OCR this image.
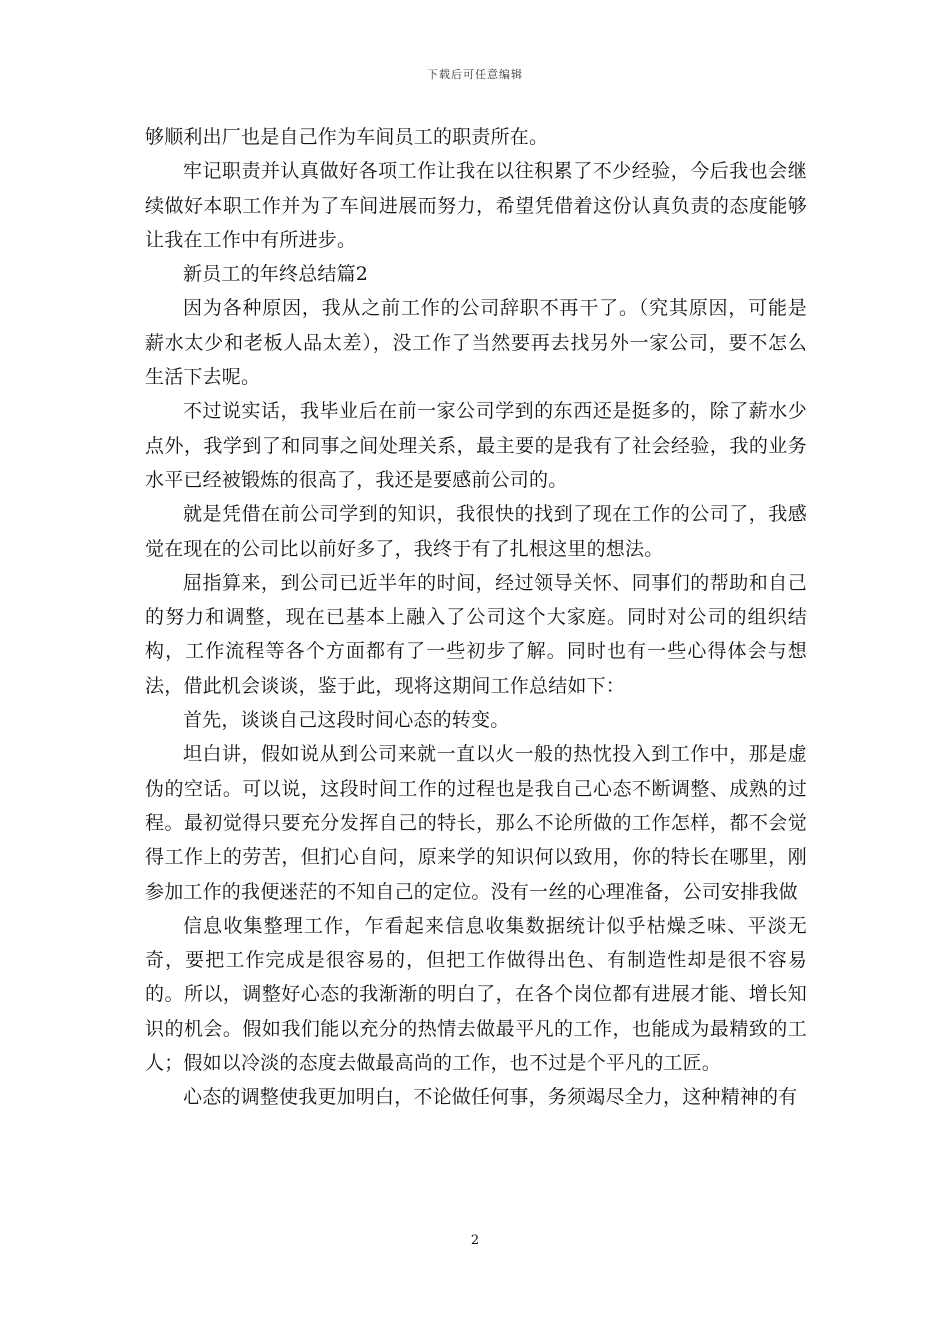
下载后可任意编辑

够顺利出厂也是自己作为车间员工的职责所在。

牢记职责并认真做好各项工作让我在以往积累了不少经验，今后我也会继续做好本职工作并为了车间进展而努力，希望凭借着这份认真负责的态度能够让我在工作中有所进步。

新员工的年终总结篇2

因为各种原因，我从之前工作的公司辞职不再干了。（究其原因，可能是薪水太少和老板人品太差），没工作了当然要再去找另外一家公司，要不怎么生活下去呢。

不过说实话，我毕业后在前一家公司学到的东西还是挺多的，除了薪水少点外，我学到了和同事之间处理关系，最主要的是我有了社会经验，我的业务水平已经被锻炼的很高了，我还是要感前公司的。

就是凭借在前公司学到的知识，我很快的找到了现在工作的公司了，我感觉在现在的公司比以前好多了，我终于有了扎根这里的想法。

屈指算来，到公司已近半年的时间，经过领导关怀、同事们的帮助和自己的努力和调整，现在已基本上融入了公司这个大家庭。同时对公司的组织结构，工作流程等各个方面都有了一些初步了解。同时也有一些心得体会与想法，借此机会谈谈，鉴于此，现将这期间工作总结如下：

首先，谈谈自己这段时间心态的转变。

坦白讲，假如说从到公司来就一直以火一般的热忱投入到工作中，那是虚伪的空话。可以说，这段时间工作的过程也是我自己心态不断调整、成熟的过程。最初觉得只要充分发挥自己的特长，那么不论所做的工作怎样，都不会觉得工作上的劳苦，但扪心自问，原来学的知识何以致用，你的特长在哪里，刚参加工作的我便迷茫的不知自己的定位。没有一丝的心理准备，公司安排我做

信息收集整理工作，乍看起来信息收集数据统计似乎枯燥乏味、平淡无奇，要把工作完成是很容易的，但把工作做得出色、有制造性却是很不容易的。所以，调整好心态的我渐渐的明白了，在各个岗位都有进展才能、增长知识的机会。假如我们能以充分的热情去做最平凡的工作，也能成为最精致的工人；假如以冷淡的态度去做最高尚的工作，也不过是个平凡的工匠。

心态的调整使我更加明白，不论做任何事，务须竭尽全力，这种精神的有

2
